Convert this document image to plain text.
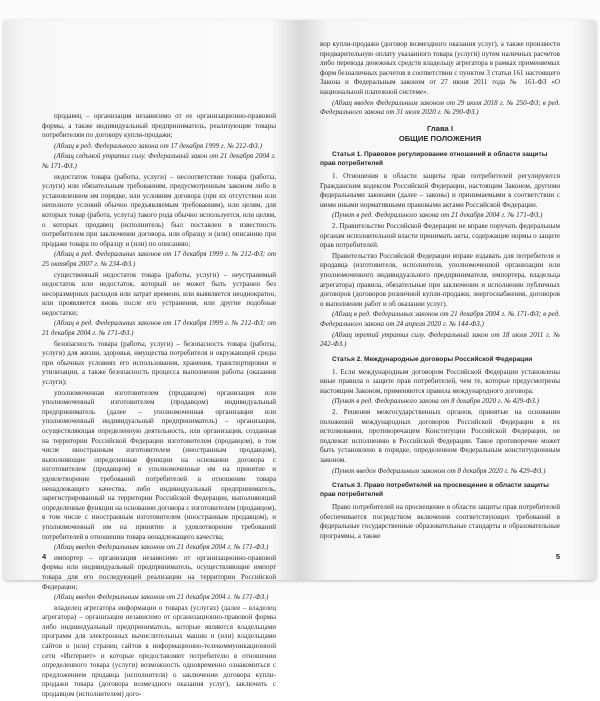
продавец – организация независимо от ее организационно-правовой формы, а также индивидуальный предприниматель, реализующие товары потребителям по договору купли-продажи;

(Абзац в ред. Федерального закона от 17 декабря 1999 г. № 212-ФЗ.)

(Абзац седьмой утратил силу. Федеральный закон от 21 декабря 2004 г. № 171-ФЗ.)

недостаток товара (работы, услуги) – несоответствие товара (работы, услуги) или обязательным требованиям, предусмотренным законом либо в установленном им порядке, или условиям договора (при их отсутствии или неполноте условий обычно предъявляемым требованиям), или целям, для которых товар (работа, услуга) такого рода обычно используется, или целям, о которых продавец (исполнитель) был поставлен в известность потребителем при заключении договора, или образцу и (или) описанию при продаже товара по образцу и (или) по описанию;

(Абзац в ред. Федеральных законов от 17 декабря 1999 г. № 212-ФЗ; от 25 октября 2007 г. № 234-ФЗ.)

существенный недостаток товара (работы, услуги) – неустранимый недостаток или недостаток, который не может быть устранен без несоразмерных расходов или затрат времени, или выявляется неоднократно, или проявляется вновь после его устранения, или другие подобные недостатки;

(Абзац в ред. Федеральных законов от 17 декабря 1999 г. № 212-ФЗ; от 21 декабря 2004 г. № 171-ФЗ.)

безопасность товара (работы, услуги) – безопасность товара (работы, услуги) для жизни, здоровья, имущества потребителя и окружающей среды при обычных условиях его использования, хранения, транспортировки и утилизации, а также безопасность процесса выполнения работы (оказания услуги);

уполномоченная изготовителем (продавцом) организация или уполномоченный изготовителем (продавцом) индивидуальный предприниматель (далее – уполномоченная организация или уполномоченный индивидуальный предприниматель) – организация, осуществляющая определенную деятельность, или организация, созданная на территории Российской Федерации изготовителем (продавцом), в том числе иностранным изготовителем (иностранным продавцом), выполняющие определенные функции на основании договора с изготовителем (продавцом) и уполномоченные им на принятие и удовлетворение требований потребителей в отношении товара ненадлежащего качества, либо индивидуальный предприниматель, зарегистрированный на территории Российской Федерации, выполняющий определенные функции на основании договора с изготовителем (продавцом), в том числе с иностранным изготовителем (иностранным продавцом), и уполномоченный им на принятие и удовлетворение требований потребителей в отношении товара ненадлежащего качества;

(Абзац введен Федеральным законом от 21 декабря 2004 г. № 171-ФЗ.)

импортер – организация независимо от организационно-правовой формы или индивидуальный предприниматель, осуществляющие импорт товара для его последующей реализации на территории Российской Федерации;

(Абзац введен Федеральным законом от 21 декабря 2004 г. № 171-ФЗ.)

владелец агрегатора информации о товарах (услугах) (далее – владелец агрегатора) – организация независимо от организационно-правовой формы либо индивидуальный предприниматель, которые являются владельцами программ для электронных вычислительных машин и (или) владельцами сайтов и (или) страниц сайтов в информационно-телекоммуникационной сети «Интернет» и которые предоставляют потребителю в отношении определенного товара (услуги) возможность одновременно ознакомиться с предложением продавца (исполнителя) о заключении договора купли-продажи товара (договора возмездного оказания услуг), заключить с продавцом (исполнителем) дого-

4

вор купли-продажи (договор возмездного оказания услуг), а также произвести предварительную оплату указанного товара (услуги) путем наличных расчетов либо перевода денежных средств владельцу агрегатора в рамках применяемых форм безналичных расчетов в соответствии с пунктом 3 статьи 161 настоящего Закона и Федеральным законом от 27 июня 2011 года № 161-ФЗ «О национальной платежной системе».

(Абзац введен Федеральным законом от 29 июля 2018 г. № 250-ФЗ; в ред. Федерального закона от 31 июля 2020 г. № 290-ФЗ.)

Глава I
ОБЩИЕ ПОЛОЖЕНИЯ
Статья 1. Правовое регулирование отношений в области защиты прав потребителей

1. Отношения в области защиты прав потребителей регулируются Гражданским кодексом Российской Федерации, настоящим Законом, другими федеральными законами (далее – законы) и принимаемыми в соответствии с ними иными нормативными правовыми актами Российской Федерации.

(Пункт в ред. Федерального закона от 21 декабря 2004 г. № 171-ФЗ.)

2. Правительство Российской Федерации не вправе поручать федеральным органам исполнительной власти принимать акты, содержащие нормы о защите прав потребителей.

Правительство Российской Федерации вправе издавать для потребителя и продавца (изготовителя, исполнителя, уполномоченной организации или уполномоченного индивидуального предпринимателя, импортера, владельца агрегатора) правила, обязательные при заключении и исполнении публичных договоров (договоров розничной купли-продажи, энергоснабжения, договоров о выполнении работ и об оказании услуг).

(Абзац в ред. Федеральных законов от 21 декабря 2004 г. № 171-ФЗ; в ред. Федерального закона от 24 апреля 2020 г. № 144-ФЗ.)

(Абзац третий утратил силу. Федеральный закон от 18 июля 2011 г. № 242-ФЗ.)

Статья 2. Международные договоры Российской Федерации

1. Если международным договором Российской Федерации установлены иные правила о защите прав потребителей, чем те, которые предусмотрены настоящим Законом, применяются правила международного договора.

(Пункт в ред. Федерального закона от 8 декабря 2020 г. № 429-ФЗ.)

2. Решения межгосударственных органов, принятые на основании положений международных договоров Российской Федерации в их истолковании, противоречащем Конституции Российской Федерации, не подлежат исполнению в Российской Федерации. Такое противоречие может быть установлено в порядке, определенном Федеральным конституционным законом.

(Пункт введен Федеральным законом от 8 декабря 2020 г. № 429-ФЗ.)

Статья 3. Право потребителей на просвещение в области защиты прав потребителей

Право потребителей на просвещение в области защиты прав потребителей обеспечивается посредством включения соответствующих требований в федеральные государственные образовательные стандарты и образовательные программы, а также

5
